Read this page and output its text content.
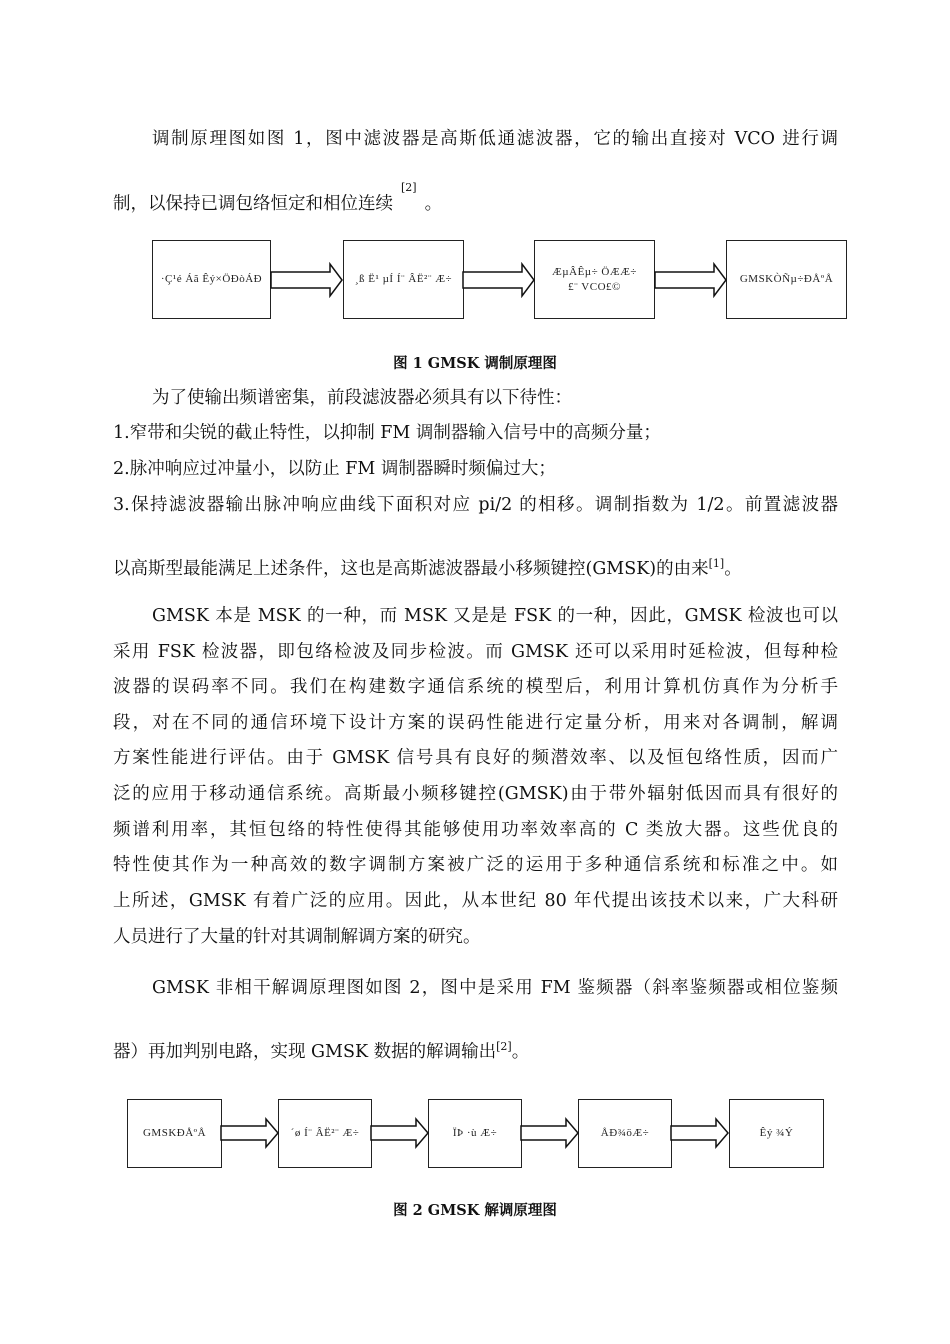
调制原理图如图 1，图中滤波器是高斯低通滤波器，它的输出直接对 VCO 进行调
制，以保持已调包络恒定和相位连续[2]。
·Ç¹é Áã Êý×ÖÐòÁÐ	¸ß Ë¹ µÍ Í¨ ÂË²¨ Æ÷
ÆµÂÊµ÷ ÖÆÆ÷
£¨ VCO£©
GMSKÒÑµ÷ÐÅºÅ
图 1 GMSK 调制原理图
为了使输出频谱密集，前段滤波器必须具有以下待性：
1.窄带和尖锐的截止特性，以抑制 FM 调制器输入信号中的高频分量；
2.脉冲响应过冲量小，以防止 FM 调制器瞬时频偏过大；
3.保持滤波器输出脉冲响应曲线下面积对应 pi/2 的相移。调制指数为 1/2。前置滤波器
以高斯型最能满足上述条件，这也是高斯滤波器最小移频键控(GMSK)的由来[1]。
GMSK 本是 MSK 的一种，而 MSK 又是是 FSK 的一种，因此，GMSK 检波也可以
采用 FSK 检波器，即包络检波及同步检波。而 GMSK 还可以采用时延检波，但每种检
波器的误码率不同。我们在构建数字通信系统的模型后，利用计算机仿真作为分析手
段，对在不同的通信环境下设计方案的误码性能进行定量分析，用来对各调制，解调
方案性能进行评估。由于 GMSK 信号具有良好的频潜效率、以及恒包络性质，因而广
泛的应用于移动通信系统。高斯最小频移键控(GMSK)由于带外辐射低因而具有很好的
频谱利用率，其恒包络的特性使得其能够使用功率效率高的 C 类放大器。这些优良的
特性使其作为一种高效的数字调制方案被广泛的运用于多种通信系统和标准之中。如
上所述，GMSK 有着广泛的应用。因此，从本世纪 80 年代提出该技术以来，广大科研
人员进行了大量的针对其调制解调方案的研究。
GMSK 非相干解调原理图如图 2，图中是采用 FM 鉴频器（斜率鉴频器或相位鉴频
器）再加判别电路，实现 GMSK 数据的解调输出[2]。
GMSKÐÅºÅ	´ø Í¨ ÂË²¨ Æ÷	ÏÞ ·ù Æ÷	ÅÐ¾öÆ÷	Êý ¾Ý
图 2 GMSK 解调原理图
